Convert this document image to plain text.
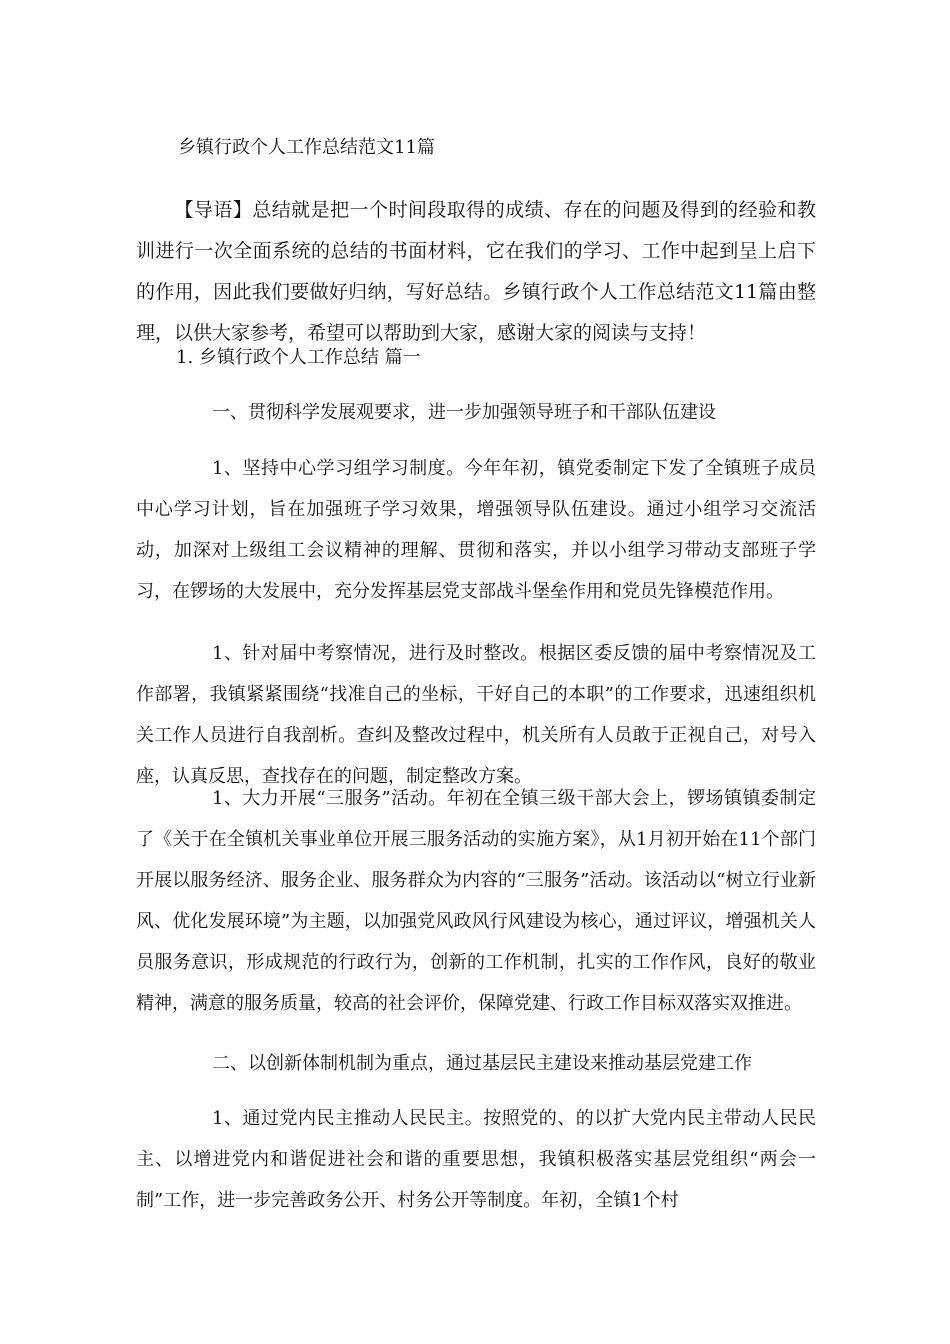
乡镇行政个人工作总结范文11篇
【导语】总结就是把一个时间段取得的成绩、存在的问题及得到的经验和教训进行一次全面系统的总结的书面材料，它在我们的学习、工作中起到呈上启下的作用，因此我们要做好归纳，写好总结。乡镇行政个人工作总结范文11篇由整理，以供大家参考，希望可以帮助到大家，感谢大家的阅读与支持！
1. 乡镇行政个人工作总结 篇一
一、贯彻科学发展观要求，进一步加强领导班子和干部队伍建设
1、坚持中心学习组学习制度。今年年初，镇党委制定下发了全镇班子成员中心学习计划，旨在加强班子学习效果，增强领导队伍建设。通过小组学习交流活动，加深对上级组工会议精神的理解、贯彻和落实，并以小组学习带动支部班子学习，在锣场的大发展中，充分发挥基层党支部战斗堡垒作用和党员先锋模范作用。
1、针对届中考察情况，进行及时整改。根据区委反馈的届中考察情况及工作部署，我镇紧紧围绕“找准自己的坐标，干好自己的本职”的工作要求，迅速组织机关工作人员进行自我剖析。查纠及整改过程中，机关所有人员敢于正视自己，对号入座，认真反思，查找存在的问题，制定整改方案。
1、大力开展“三服务”活动。年初在全镇三级干部大会上，锣场镇镇委制定了《关于在全镇机关事业单位开展三服务活动的实施方案》，从1月初开始在11个部门开展以服务经济、服务企业、服务群众为内容的“三服务”活动。该活动以“树立行业新风、优化发展环境”为主题，以加强党风政风行风建设为核心，通过评议，增强机关人员服务意识，形成规范的行政行为，创新的工作机制，扎实的工作作风，良好的敬业精神，满意的服务质量，较高的社会评价，保障党建、行政工作目标双落实双推进。
二、以创新体制机制为重点，通过基层民主建设来推动基层党建工作
1、通过党内民主推动人民民主。按照党的、的以扩大党内民主带动人民民主、以增进党内和谐促进社会和谐的重要思想，我镇积极落实基层党组织“两会一制”工作，进一步完善政务公开、村务公开等制度。年初，全镇1个村
